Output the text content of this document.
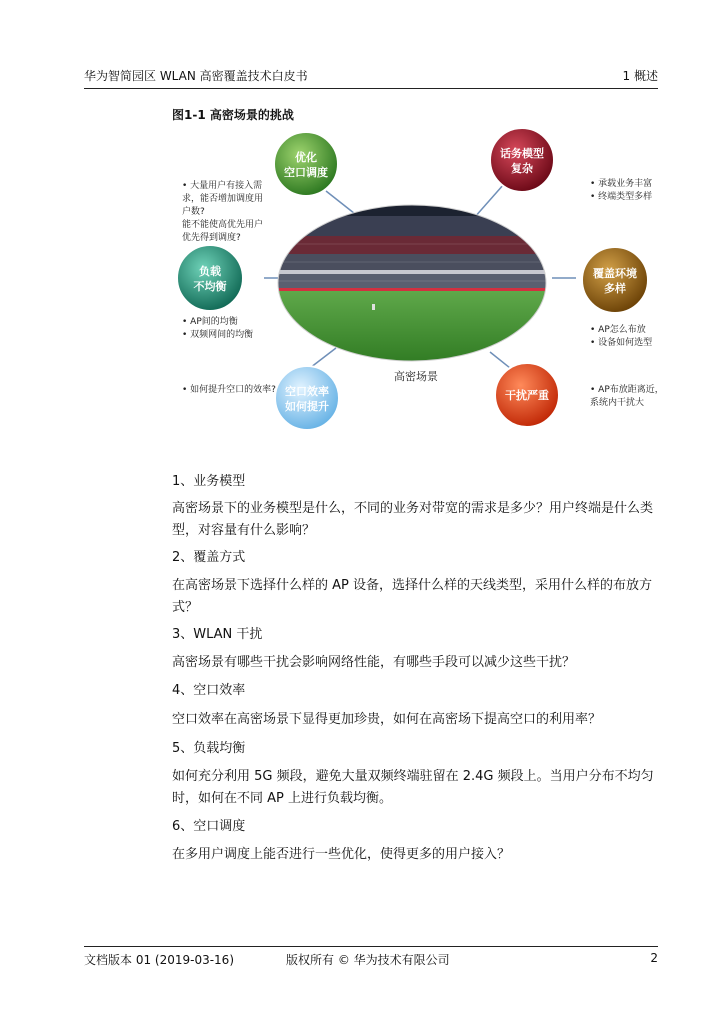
华为智简园区 WLAN 高密覆盖技术白皮书	1 概述
图1-1 高密场景的挑战
优化
空口调度
话务模型
复杂
负载
不均衡
覆盖环境
多样
空口效率
如何提升
干扰严重
高密场景
• 大量用户有接入需
求，能否增加调度用
户数?
能不能使高优先用户
优先得到调度?
• AP间的均衡
• 双频网间的均衡
• 如何提升空口的效率?
• 承载业务丰富
• 终端类型多样
• AP怎么布放
• 设备如何选型
• AP布放距离近，
系统内干扰大
1、业务模型
高密场景下的业务模型是什么，不同的业务对带宽的需求是多少？用户终端是什么类型，对容量有什么影响？
2、覆盖方式
在高密场景下选择什么样的 AP 设备，选择什么样的天线类型，采用什么样的布放方式？
3、WLAN 干扰
高密场景有哪些干扰会影响网络性能，有哪些手段可以减少这些干扰？
4、空口效率
空口效率在高密场景下显得更加珍贵，如何在高密场下提高空口的利用率？
5、负载均衡
如何充分利用 5G 频段，避免大量双频终端驻留在 2.4G 频段上。当用户分布不均匀时，如何在不同 AP 上进行负载均衡。
6、空口调度
在多用户调度上能否进行一些优化，使得更多的用户接入？
文档版本 01 (2019-03-16)	版权所有 © 华为技术有限公司	2
